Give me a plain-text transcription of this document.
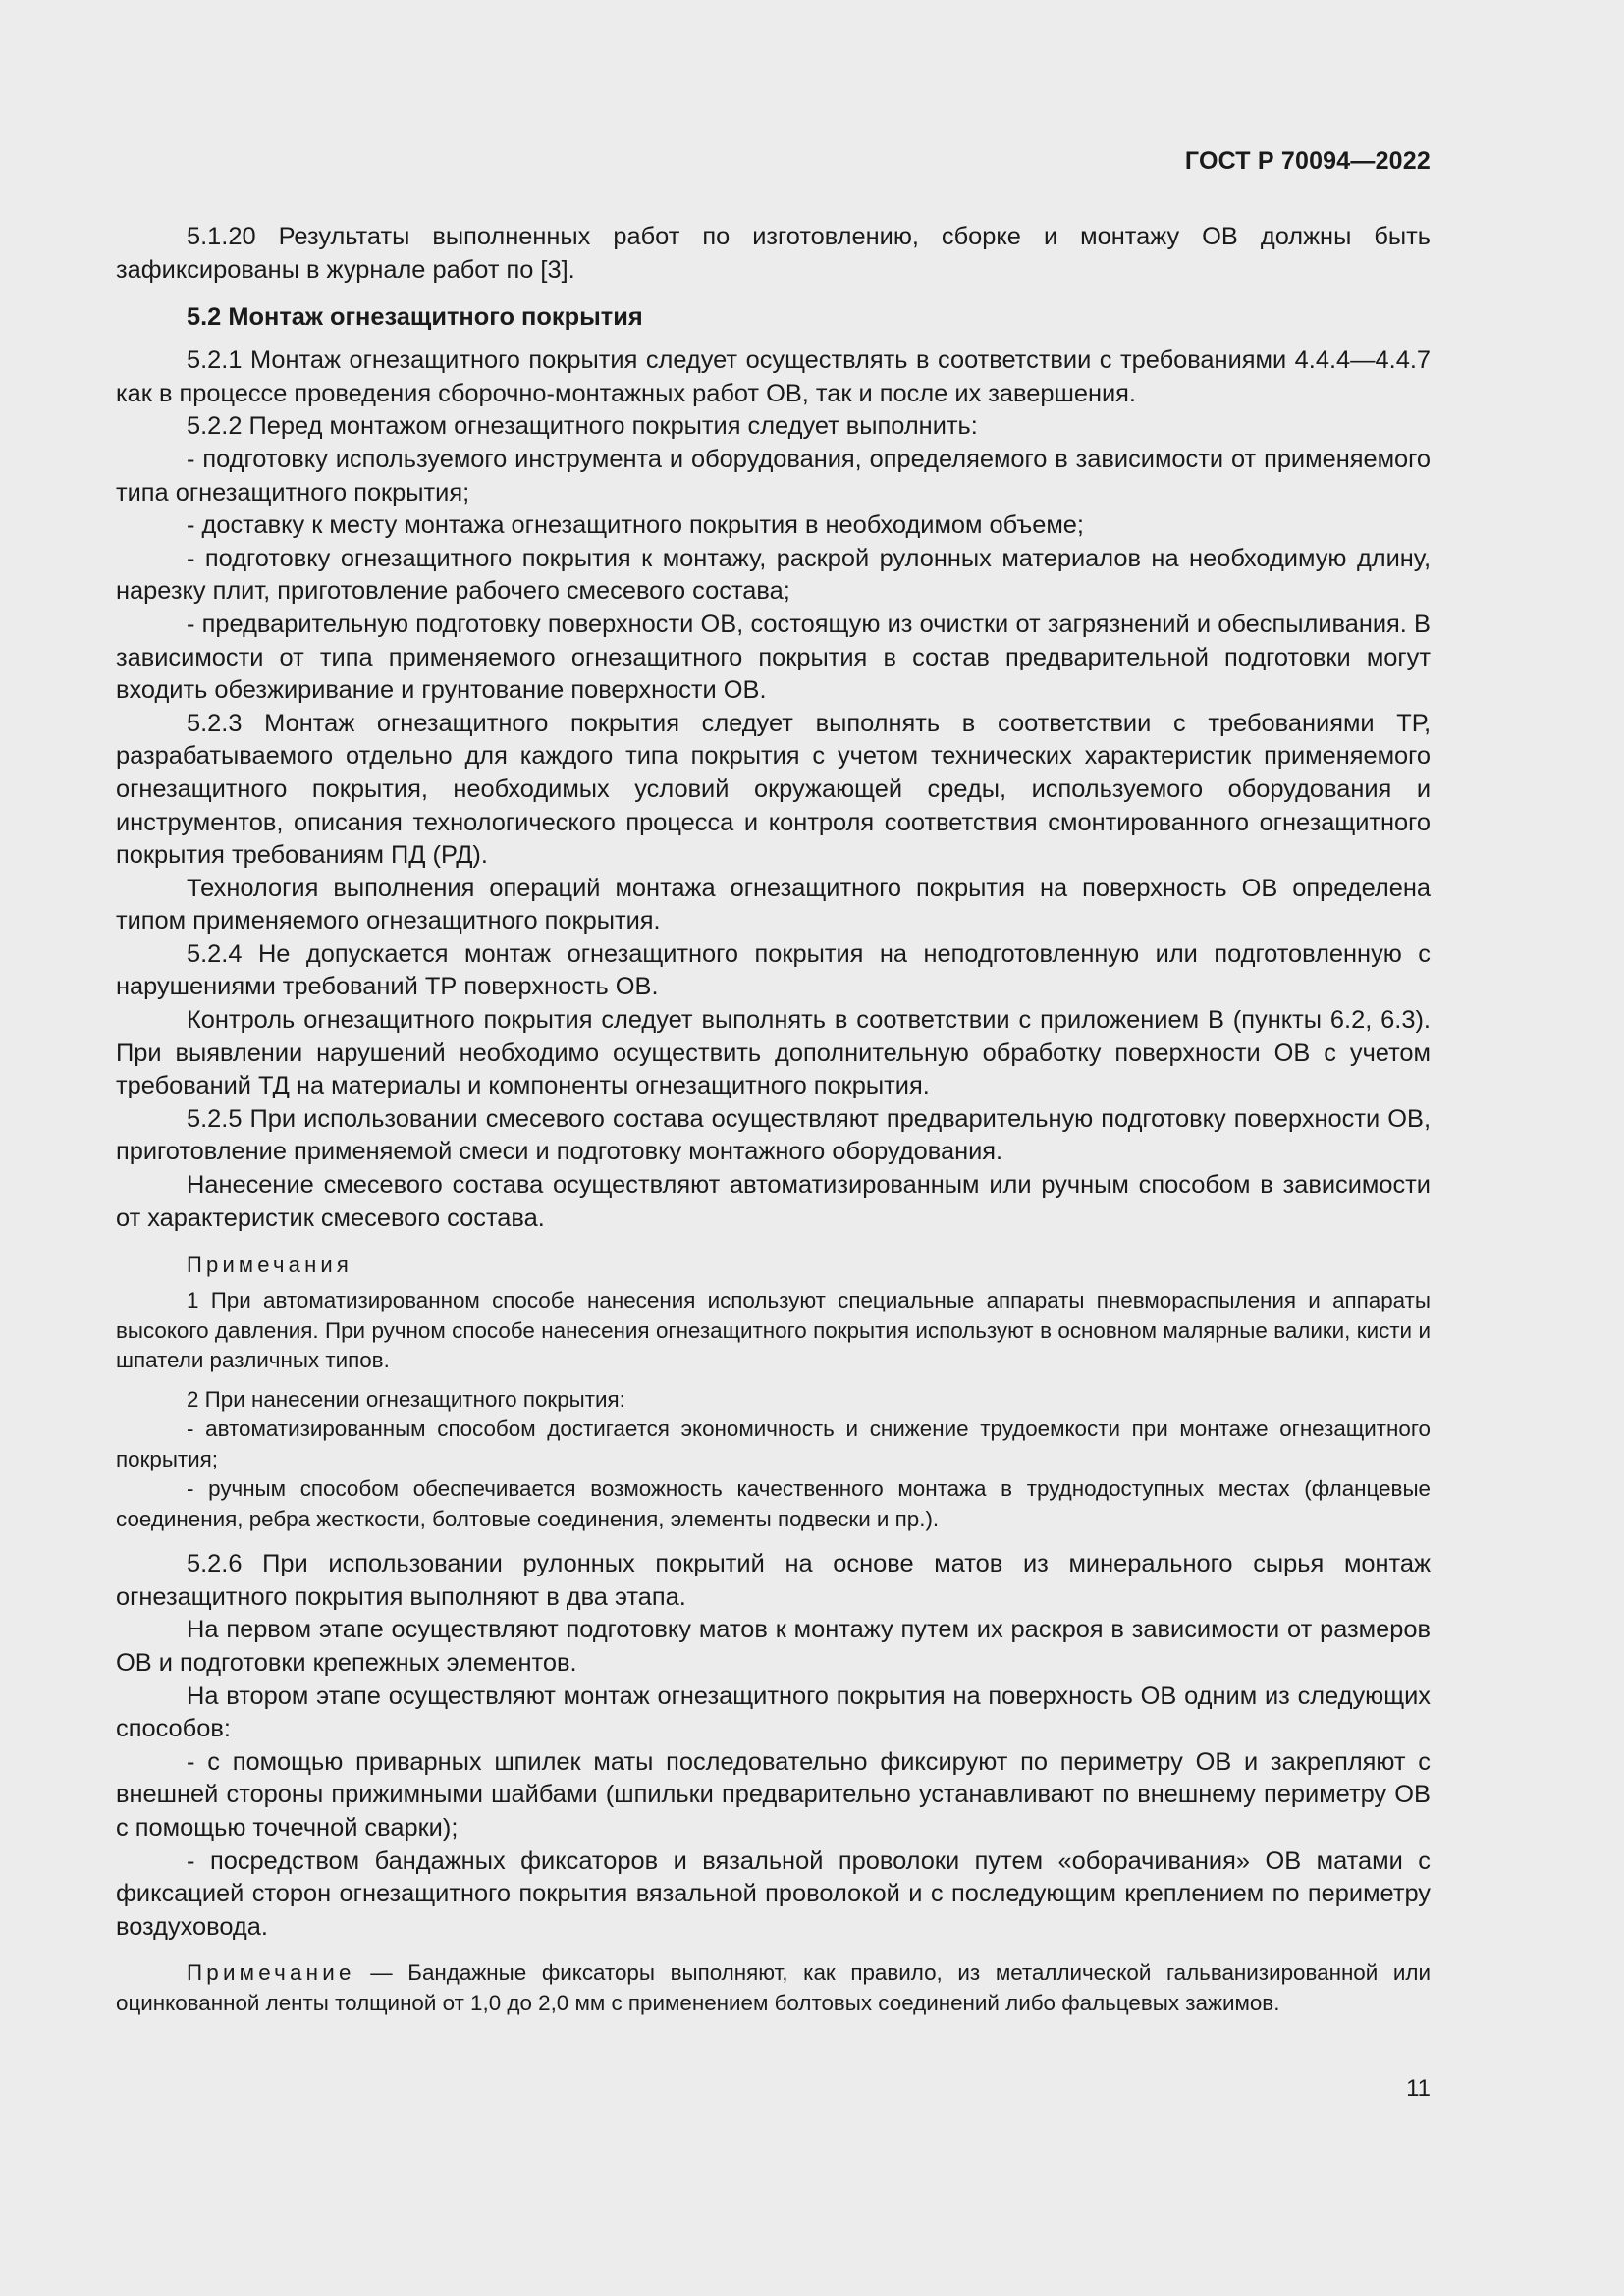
ГОСТ Р 70094—2022

5.1.20 Результаты выполненных работ по изготовлению, сборке и монтажу ОВ должны быть зафиксированы в журнале работ по [3].

5.2 Монтаж огнезащитного покрытия

5.2.1 Монтаж огнезащитного покрытия следует осуществлять в соответствии с требованиями 4.4.4—4.4.7 как в процессе проведения сборочно-монтажных работ ОВ, так и после их завершения.

5.2.2 Перед монтажом огнезащитного покрытия следует выполнить:

- подготовку используемого инструмента и оборудования, определяемого в зависимости от применяемого типа огнезащитного покрытия;

- доставку к месту монтажа огнезащитного покрытия в необходимом объеме;

- подготовку огнезащитного покрытия к монтажу, раскрой рулонных материалов на необходимую длину, нарезку плит, приготовление рабочего смесевого состава;

- предварительную подготовку поверхности ОВ, состоящую из очистки от загрязнений и обеспыливания. В зависимости от типа применяемого огнезащитного покрытия в состав предварительной подготовки могут входить обезжиривание и грунтование поверхности ОВ.

5.2.3 Монтаж огнезащитного покрытия следует выполнять в соответствии с требованиями ТР, разрабатываемого отдельно для каждого типа покрытия с учетом технических характеристик применяемого огнезащитного покрытия, необходимых условий окружающей среды, используемого оборудования и инструментов, описания технологического процесса и контроля соответствия смонтированного огнезащитного покрытия требованиям ПД (РД).

Технология выполнения операций монтажа огнезащитного покрытия на поверхность ОВ определена типом применяемого огнезащитного покрытия.

5.2.4 Не допускается монтаж огнезащитного покрытия на неподготовленную или подготовленную с нарушениями требований ТР поверхность ОВ.

Контроль огнезащитного покрытия следует выполнять в соответствии с приложением В (пункты 6.2, 6.3). При выявлении нарушений необходимо осуществить дополнительную обработку поверхности ОВ с учетом требований ТД на материалы и компоненты огнезащитного покрытия.

5.2.5 При использовании смесевого состава осуществляют предварительную подготовку поверхности ОВ, приготовление применяемой смеси и подготовку монтажного оборудования.

Нанесение смесевого состава осуществляют автоматизированным или ручным способом в зависимости от характеристик смесевого состава.

Примечания

1 При автоматизированном способе нанесения используют специальные аппараты пневмораспыления и аппараты высокого давления. При ручном способе нанесения огнезащитного покрытия используют в основном малярные валики, кисти и шпатели различных типов.

2 При нанесении огнезащитного покрытия:

- автоматизированным способом достигается экономичность и снижение трудоемкости при монтаже огнезащитного покрытия;

- ручным способом обеспечивается возможность качественного монтажа в труднодоступных местах (фланцевые соединения, ребра жесткости, болтовые соединения, элементы подвески и пр.).

5.2.6 При использовании рулонных покрытий на основе матов из минерального сырья монтаж огнезащитного покрытия выполняют в два этапа.

На первом этапе осуществляют подготовку матов к монтажу путем их раскроя в зависимости от размеров ОВ и подготовки крепежных элементов.

На втором этапе осуществляют монтаж огнезащитного покрытия на поверхность ОВ одним из следующих способов:

- с помощью приварных шпилек маты последовательно фиксируют по периметру ОВ и закрепляют с внешней стороны прижимными шайбами (шпильки предварительно устанавливают по внешнему периметру ОВ с помощью точечной сварки);

- посредством бандажных фиксаторов и вязальной проволоки путем «оборачивания» ОВ матами с фиксацией сторон огнезащитного покрытия вязальной проволокой и с последующим креплением по периметру воздуховода.

Примечание — Бандажные фиксаторы выполняют, как правило, из металлической гальванизированной или оцинкованной ленты толщиной от 1,0 до 2,0 мм с применением болтовых соединений либо фальцевых зажимов.

11
